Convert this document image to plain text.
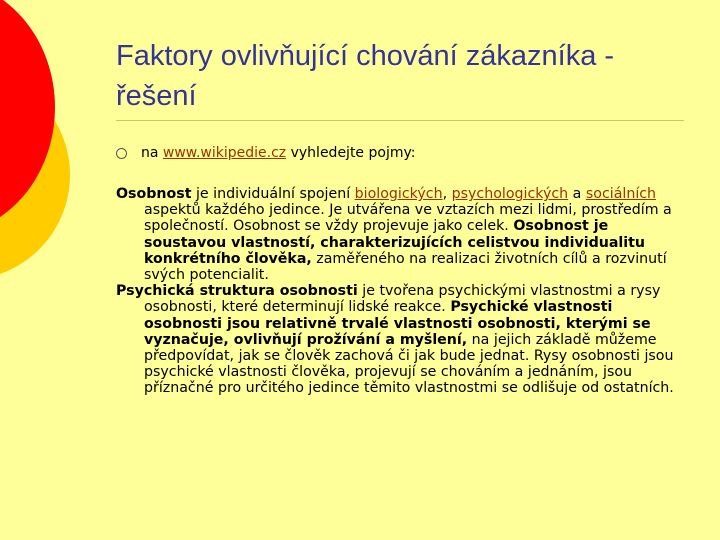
Faktory ovlivňující chování zákazníka - řešení
na www.wikipedie.cz vyhledejte pojmy:

Osobnost je individuální spojení biologických, psychologických a sociálních aspektů každého jedince. Je utvářena ve vztazích mezi lidmi, prostředím a společností. Osobnost se vždy projevuje jako celek. Osobnost je soustavou vlastností, charakterizujících celistvou individualitu konkrétního člověka, zaměřeného na realizaci životních cílů a rozvinutí svých potencialit.

Psychická struktura osobnosti je tvořena psychickými vlastnostmi a rysy osobnosti, které determinují lidské reakce. Psychické vlastnosti osobnosti jsou relativně trvalé vlastnosti osobnosti, kterými se vyznačuje, ovlivňují prožívání a myšlení, na jejich základě můžeme předpovídat, jak se člověk zachová či jak bude jednat. Rysy osobnosti jsou psychické vlastnosti člověka, projevují se chováním a jednáním, jsou příznačné pro určitého jedince těmito vlastnostmi se odlišuje od ostatních.
